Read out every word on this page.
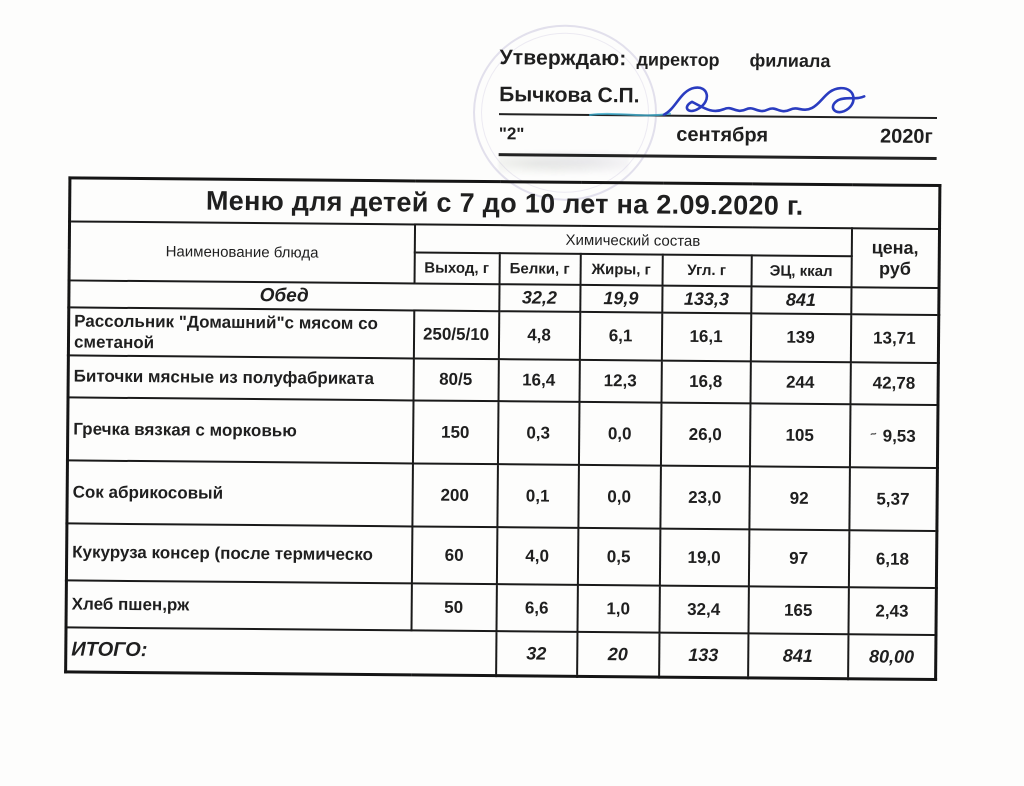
Утверждаю: директор филиала
Бычкова С.П.
"2"	сентября	2020г
Меню для детей с 7 до 10 лет на 2.09.2020 г.						
Наименование блюда	Химический состав					цена,
руб

	Выход, г	Белки, г	Жиры, г	Угл. г	ЭЦ, ккал	
Обед		32,2	19,9	133,3	841	
Рассольник "Домашний"с мясом со сметаной	250/5/10	4,8	6,1	16,1	139	13,71
Биточки мясные из полуфабриката	80/5	16,4	12,3	16,8	244	42,78
Гречка вязкая с морковью	150	0,3	0,0	26,0	105	~ 9,53
Сок абрикосовый	200	0,1	0,0	23,0	92	5,37
Кукуруза консер (после термическо	60	4,0	0,5	19,0	97	6,18
Хлеб пшен,рж	50	6,6	1,0	32,4	165	2,43
ИТОГО:		32	20	133	841	80,00
